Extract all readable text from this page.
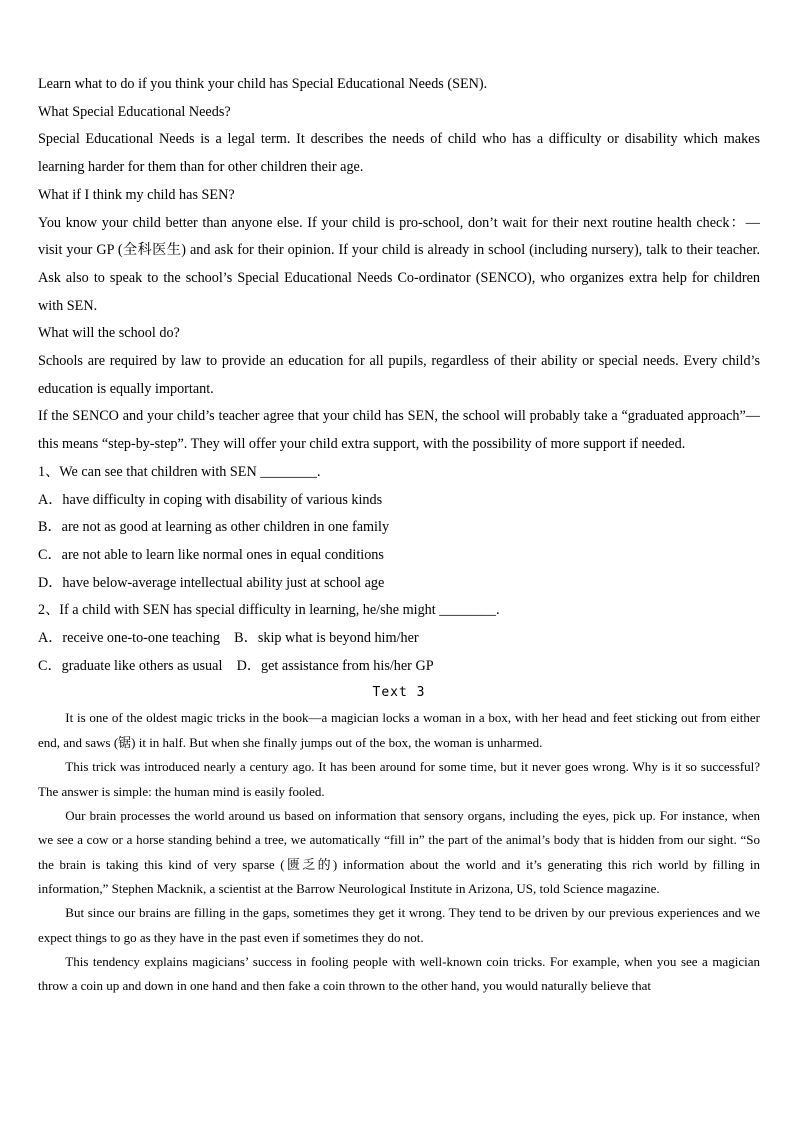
Learn what to do if you think your child has Special Educational Needs (SEN).

What Special Educational Needs?

Special Educational Needs is a legal term. It describes the needs of child who has a difficulty or disability which makes learning harder for them than for other children their age.

What if I think my child has SEN?

You know your child better than anyone else. If your child is pro-school, don’t wait for their next routine health check：—visit your GP (全科医生) and ask for their opinion. If your child is already in school (including nursery), talk to their teacher. Ask also to speak to the school’s Special Educational Needs Co-ordinator (SENCO), who organizes extra help for children with SEN.

What will the school do?

Schools are required by law to provide an education for all pupils, regardless of their ability or special needs. Every child’s education is equally important.

If the SENCO and your child’s teacher agree that your child has SEN, the school will probably take a “graduated approach”—this means “step-by-step”. They will offer your child extra support, with the possibility of more support if needed.

1、We can see that children with SEN ________.

A．have difficulty in coping with disability of various kinds

B．are not as good at learning as other children in one family

C．are not able to learn like normal ones in equal conditions

D．have below-average intellectual ability just at school age

2、If a child with SEN has special difficulty in learning, he/she might ________.

A．receive one-to-one teaching　B．skip what is beyond him/her

C．graduate like others as usual　D．get assistance from his/her GP

Text 3

It is one of the oldest magic tricks in the book—a magician locks a woman in a box, with her head and feet sticking out from either end, and saws (锯) it in half. But when she finally jumps out of the box, the woman is unharmed.

This trick was introduced nearly a century ago. It has been around for some time, but it never goes wrong. Why is it so successful? The answer is simple: the human mind is easily fooled.

Our brain processes the world around us based on information that sensory organs, including the eyes, pick up. For instance, when we see a cow or a horse standing behind a tree, we automatically “fill in” the part of the animal’s body that is hidden from our sight. “So the brain is taking this kind of very sparse (匮乏的) information about the world and it’s generating this rich world by filling in information,” Stephen Macknik, a scientist at the Barrow Neurological Institute in Arizona, US, told Science magazine.

But since our brains are filling in the gaps, sometimes they get it wrong. They tend to be driven by our previous experiences and we expect things to go as they have in the past even if sometimes they do not.

This tendency explains magicians’ success in fooling people with well-known coin tricks. For example, when you see a magician throw a coin up and down in one hand and then fake a coin thrown to the other hand, you would naturally believe that
